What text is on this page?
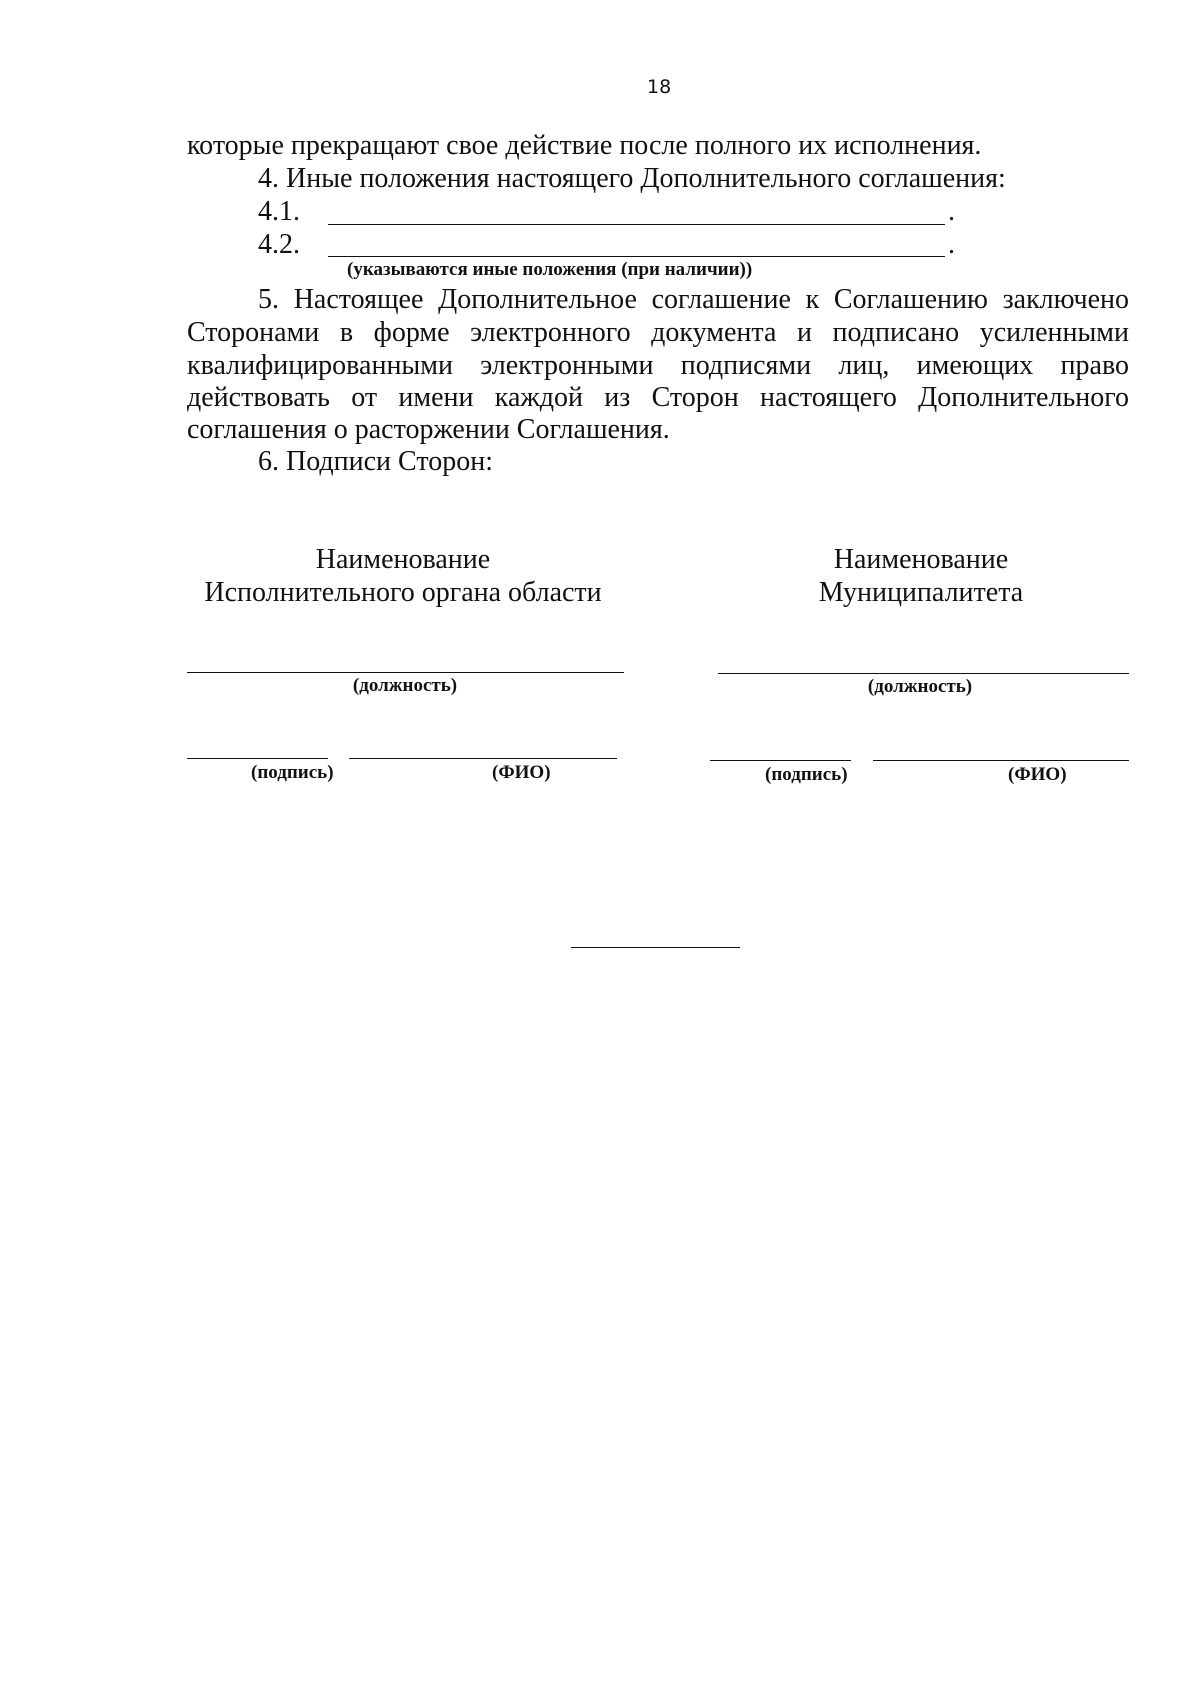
18
которые прекращают свое действие после полного их исполнения.
4. Иные положения настоящего Дополнительного соглашения:
4.1.	.
4.2.	.
(указываются иные положения (при наличии))
5. Настоящее Дополнительное соглашение к Соглашению заключено
Сторонами в форме электронного документа и подписано усиленными
квалифицированными электронными подписями лиц, имеющих право
действовать от имени каждой из Сторон настоящего Дополнительного
соглашения о расторжении Соглашения.
6. Подписи Сторон:
Наименование
Исполнительного органа области
(должность)
(подпись)	(ФИО)
Наименование
Муниципалитета
(должность)
(подпись)	(ФИО)
